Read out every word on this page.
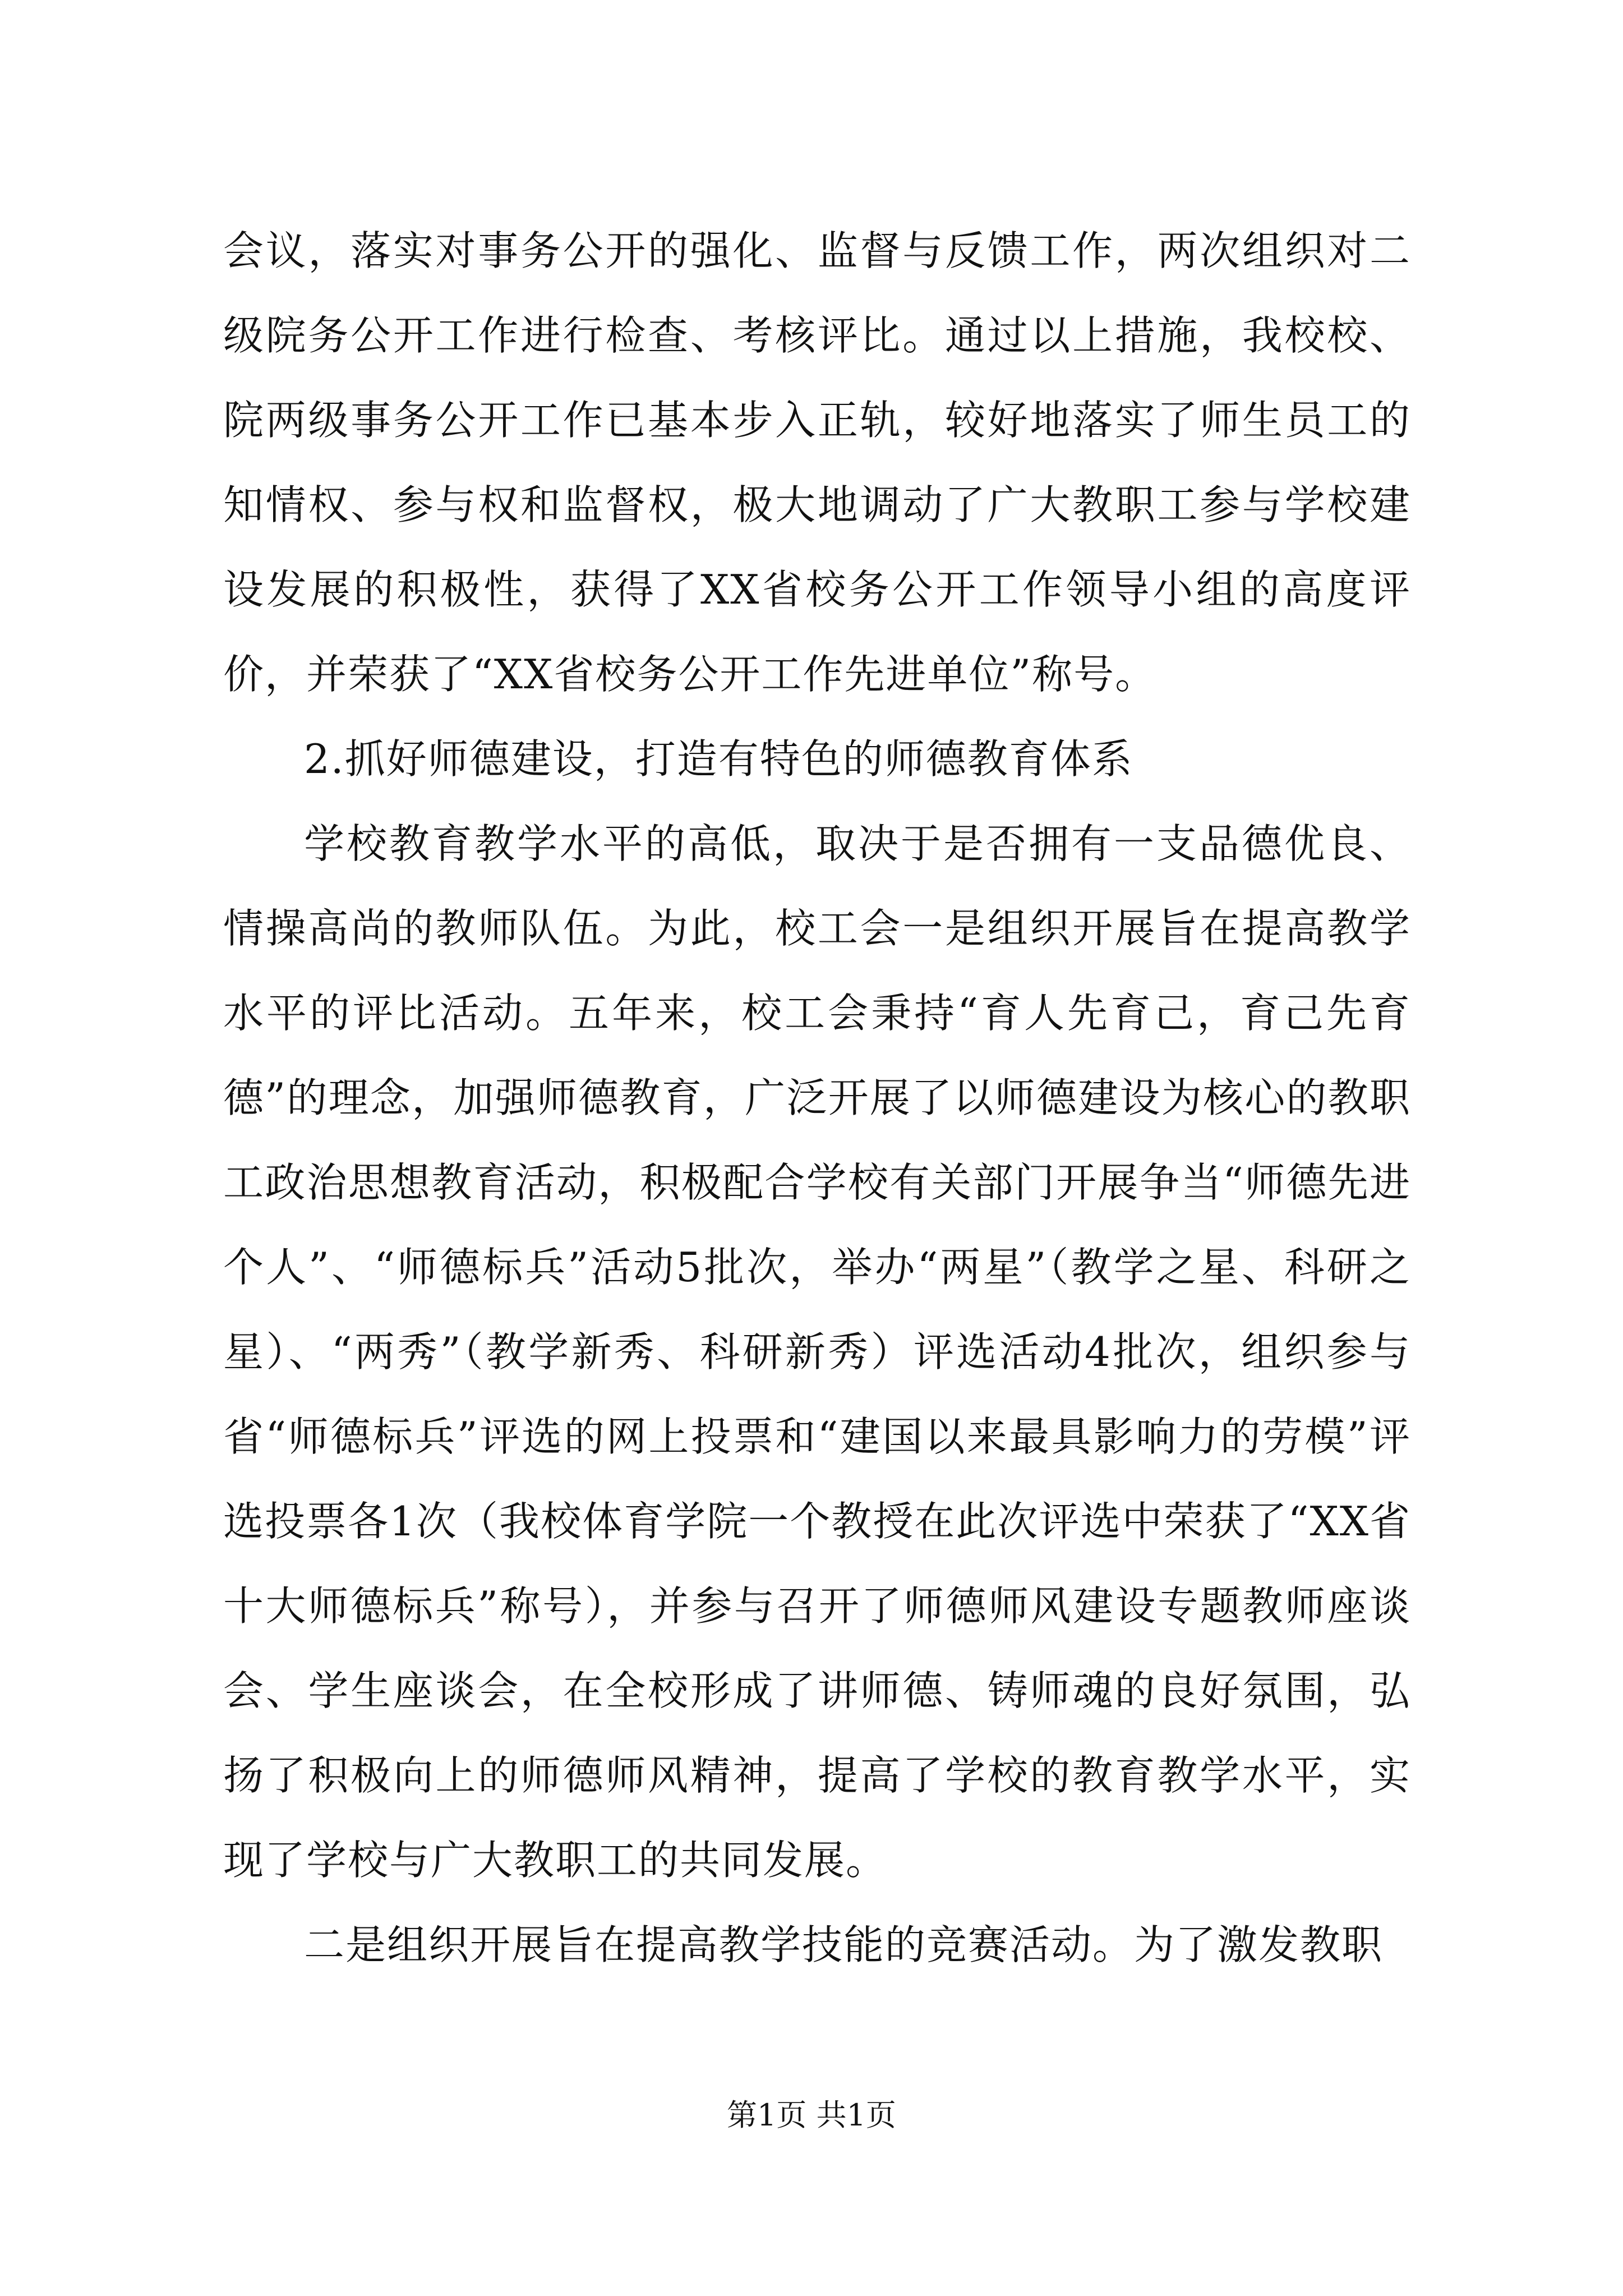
会议，落实对事务公开的强化、监督与反馈工作，两次组织对二级院务公开工作进行检查、考核评比。通过以上措施，我校校、院两级事务公开工作已基本步入正轨，较好地落实了师生员工的知情权、参与权和监督权，极大地调动了广大教职工参与学校建设发展的积极性，获得了XX省校务公开工作领导小组的高度评价，并荣获了“XX省校务公开工作先进单位”称号。

2.抓好师德建设，打造有特色的师德教育体系

学校教育教学水平的高低，取决于是否拥有一支品德优良、情操高尚的教师队伍。为此，校工会一是组织开展旨在提高教学水平的评比活动。五年来，校工会秉持“育人先育己，育己先育德”的理念，加强师德教育，广泛开展了以师德建设为核心的教职工政治思想教育活动，积极配合学校有关部门开展争当“师德先进个人”、“师德标兵”活动5批次，举办“两星”（教学之星、科研之星）、“两秀”（教学新秀、科研新秀）评选活动4批次，组织参与省“师德标兵”评选的网上投票和“建国以来最具影响力的劳模”评选投票各1次（我校体育学院一个教授在此次评选中荣获了“XX省十大师德标兵”称号），并参与召开了师德师风建设专题教师座谈会、学生座谈会，在全校形成了讲师德、铸师魂的良好氛围，弘扬了积极向上的师德师风精神，提高了学校的教育教学水平，实现了学校与广大教职工的共同发展。

二是组织开展旨在提高教学技能的竞赛活动。为了激发教职

第1页 共1页
